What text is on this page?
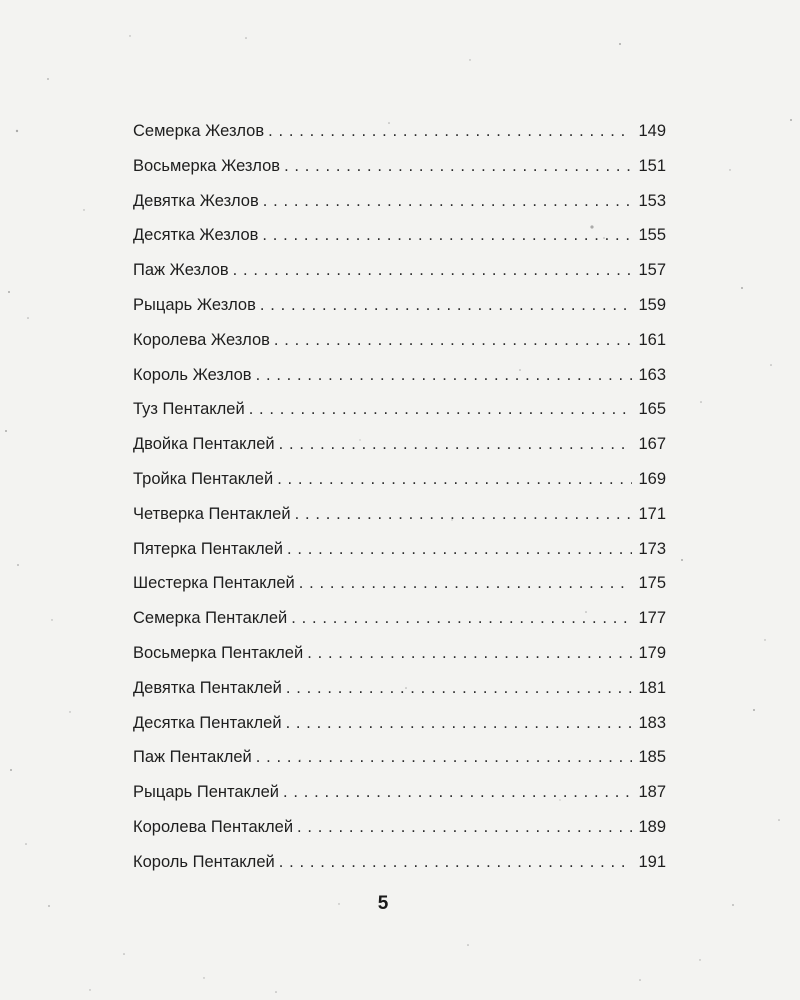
Семерка Жезлов . . .	149
Восьмерка Жезлов . . .	151
Девятка Жезлов . . .	153
Десятка Жезлов . . .	155
Паж Жезлов . . .	157
Рыцарь Жезлов . . .	159
Королева Жезлов . . .	161
Король Жезлов . . .	163
Туз Пентаклей . . .	165
Двойка Пентаклей . . .	167
Тройка Пентаклей . . .	169
Четверка Пентаклей . . .	171
Пятерка Пентаклей . . .	173
Шестерка Пентаклей . . .	175
Семерка Пентаклей . . .	177
Восьмерка Пентаклей . . .	179
Девятка Пентаклей . . .	181
Десятка Пентаклей . . .	183
Паж Пентаклей . . .	185
Рыцарь Пентаклей . . .	187
Королева Пентаклей . . .	189
Король Пентаклей . . .	191
5
